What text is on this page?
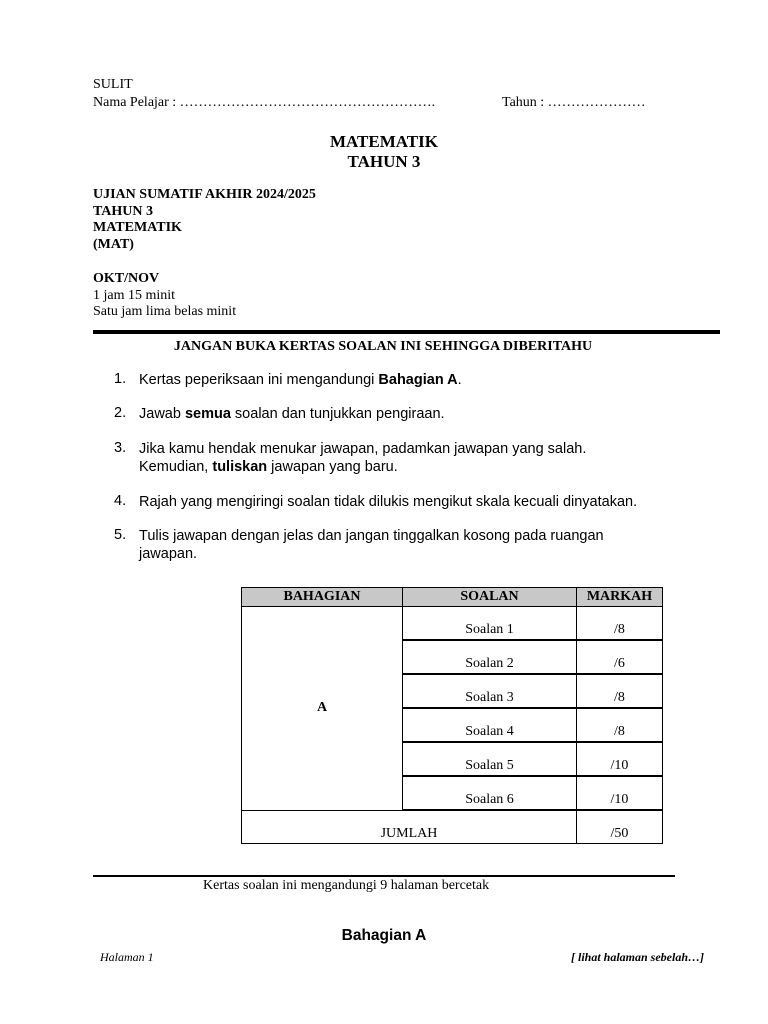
SULIT
Nama Pelajar : ……………………………………………….	Tahun : …………………
MATEMATIK
TAHUN 3
UJIAN SUMATIF AKHIR 2024/2025
TAHUN 3
MATEMATIK
(MAT)
OKT/NOV
1 jam 15 minit
Satu jam lima belas minit
JANGAN BUKA KERTAS SOALAN INI SEHINGGA DIBERITAHU
1. Kertas peperiksaan ini mengandungi Bahagian A.
2. Jawab semua soalan dan tunjukkan pengiraan.
3. Jika kamu hendak menukar jawapan, padamkan jawapan yang salah. Kemudian, tuliskan jawapan yang baru.
4. Rajah yang mengiringi soalan tidak dilukis mengikut skala kecuali dinyatakan.
5. Tulis jawapan dengan jelas dan jangan tinggalkan kosong pada ruangan jawapan.
BAHAGIAN	SOALAN	MARKAH
A	Soalan 1	/8
	Soalan 2	/6
	Soalan 3	/8
	Soalan 4	/8
	Soalan 5	/10
	Soalan 6	/10
JUMLAH		/50
Kertas soalan ini mengandungi 9 halaman bercetak
Bahagian A
Halaman 1	[ lihat halaman sebelah…]
